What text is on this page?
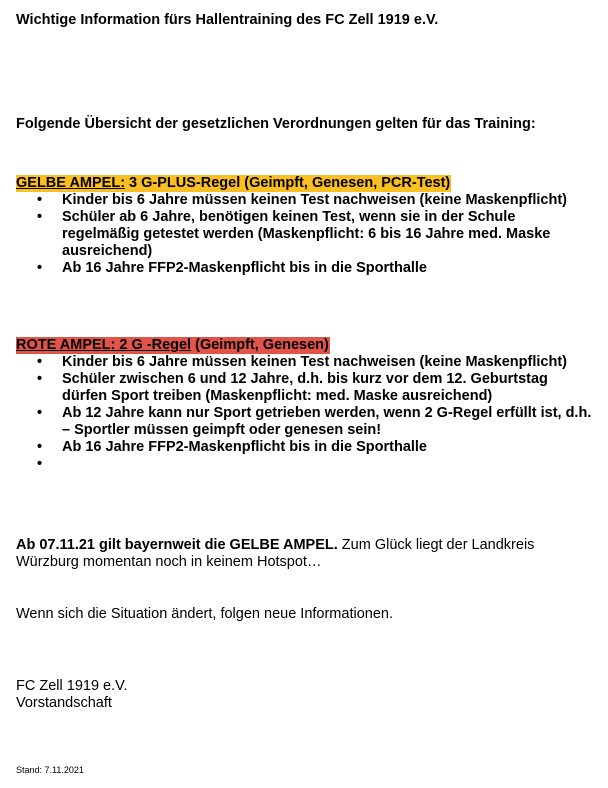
Wichtige Information fürs Hallentraining des FC Zell 1919 e.V.
Folgende Übersicht der gesetzlichen Verordnungen gelten für das Training:
GELBE AMPEL: 3 G-PLUS-Regel (Geimpft, Genesen, PCR-Test)
• Kinder bis 6 Jahre müssen keinen Test nachweisen (keine Maskenpflicht)
• Schüler ab 6 Jahre, benötigen keinen Test, wenn sie in der Schule regelmäßig getestet werden (Maskenpflicht: 6 bis 16 Jahre med. Maske ausreichend)
• Ab 16 Jahre FFP2-Maskenpflicht bis in die Sporthalle
ROTE AMPEL: 2 G -Regel (Geimpft, Genesen)
• Kinder bis 6 Jahre müssen keinen Test nachweisen (keine Maskenpflicht)
• Schüler zwischen 6 und 12 Jahre, d.h. bis kurz vor dem 12. Geburtstag dürfen Sport treiben (Maskenpflicht: med. Maske ausreichend)
• Ab 12 Jahre kann nur Sport getrieben werden, wenn 2 G-Regel erfüllt ist, d.h. – Sportler müssen geimpft oder genesen sein!
• Ab 16 Jahre FFP2-Maskenpflicht bis in die Sporthalle
•

Ab 07.11.21 gilt bayernweit die GELBE AMPEL. Zum Glück liegt der Landkreis Würzburg momentan noch in keinem Hotspot…
Wenn sich die Situation ändert, folgen neue Informationen.
FC Zell 1919 e.V.
Vorstandschaft
Stand: 7.11.2021
